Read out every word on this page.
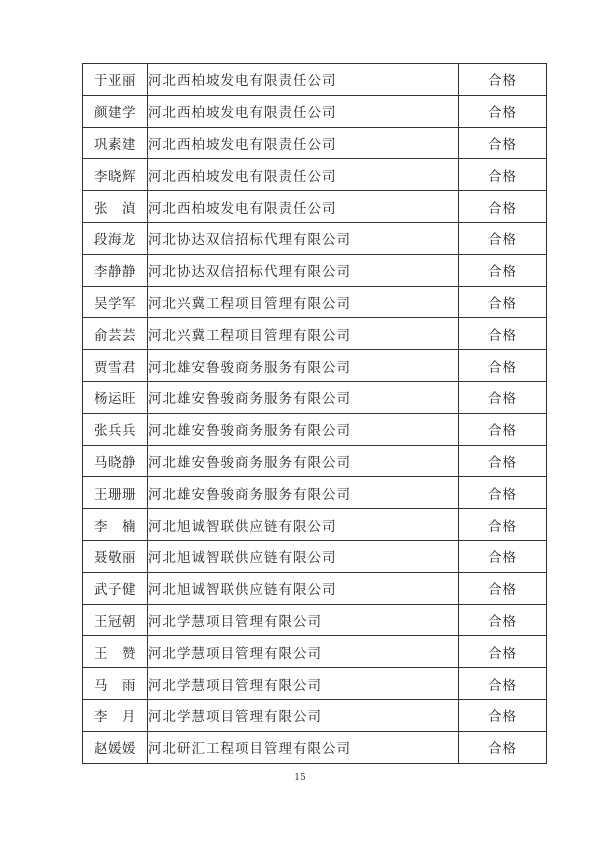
于亚丽	河北西柏坡发电有限责任公司	合格
颜建学	河北西柏坡发电有限责任公司	合格
巩素建	河北西柏坡发电有限责任公司	合格
李晓辉	河北西柏坡发电有限责任公司	合格
张　湞	河北西柏坡发电有限责任公司	合格
段海龙	河北协达双信招标代理有限公司	合格
李静静	河北协达双信招标代理有限公司	合格
吴学军	河北兴冀工程项目管理有限公司	合格
俞芸芸	河北兴冀工程项目管理有限公司	合格
贾雪君	河北雄安鲁骏商务服务有限公司	合格
杨运旺	河北雄安鲁骏商务服务有限公司	合格
张兵兵	河北雄安鲁骏商务服务有限公司	合格
马晓静	河北雄安鲁骏商务服务有限公司	合格
王珊珊	河北雄安鲁骏商务服务有限公司	合格
李　楠	河北旭诚智联供应链有限公司	合格
聂敬丽	河北旭诚智联供应链有限公司	合格
武子健	河北旭诚智联供应链有限公司	合格
王冠朝	河北学慧项目管理有限公司	合格
王　赞	河北学慧项目管理有限公司	合格
马　雨	河北学慧项目管理有限公司	合格
李　月	河北学慧项目管理有限公司	合格
赵媛媛	河北研汇工程项目管理有限公司	合格
15
